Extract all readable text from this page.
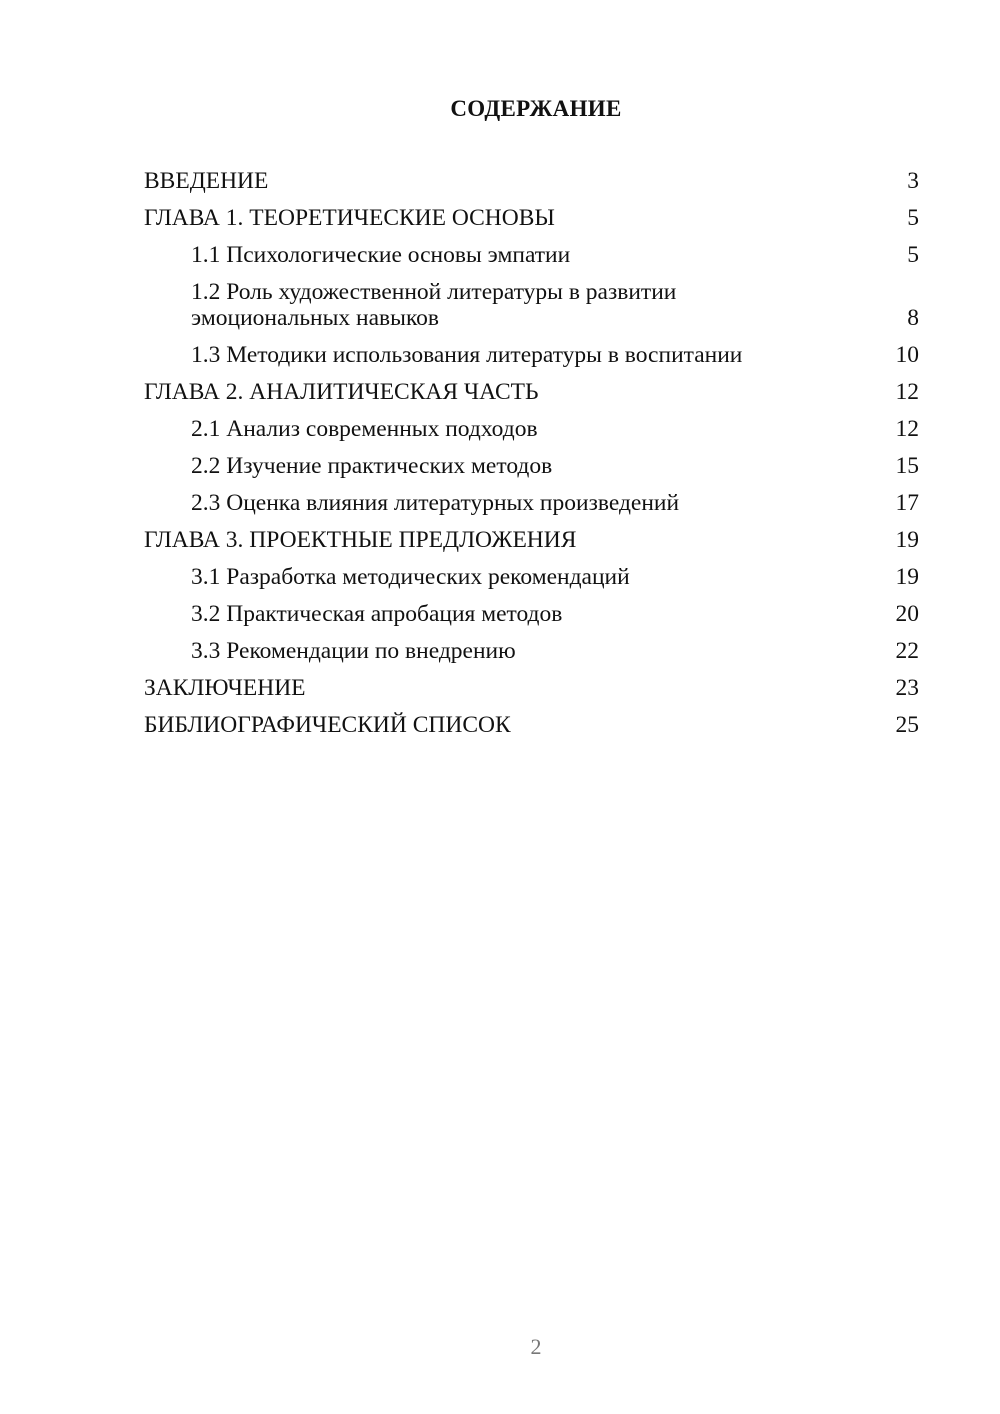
СОДЕРЖАНИЕ
ВВЕДЕНИЕ	3
ГЛАВА 1. ТЕОРЕТИЧЕСКИЕ ОСНОВЫ	5
1.1 Психологические основы эмпатии	5
1.2 Роль художественной литературы в развитии эмоциональных навыков	8
1.3 Методики использования литературы в воспитании	10
ГЛАВА 2. АНАЛИТИЧЕСКАЯ ЧАСТЬ	12
2.1 Анализ современных подходов	12
2.2 Изучение практических методов	15
2.3 Оценка влияния литературных произведений	17
ГЛАВА 3. ПРОЕКТНЫЕ ПРЕДЛОЖЕНИЯ	19
3.1 Разработка методических рекомендаций	19
3.2 Практическая апробация методов	20
3.3 Рекомендации по внедрению	22
ЗАКЛЮЧЕНИЕ	23
БИБЛИОГРАФИЧЕСКИЙ СПИСОК	25
2
